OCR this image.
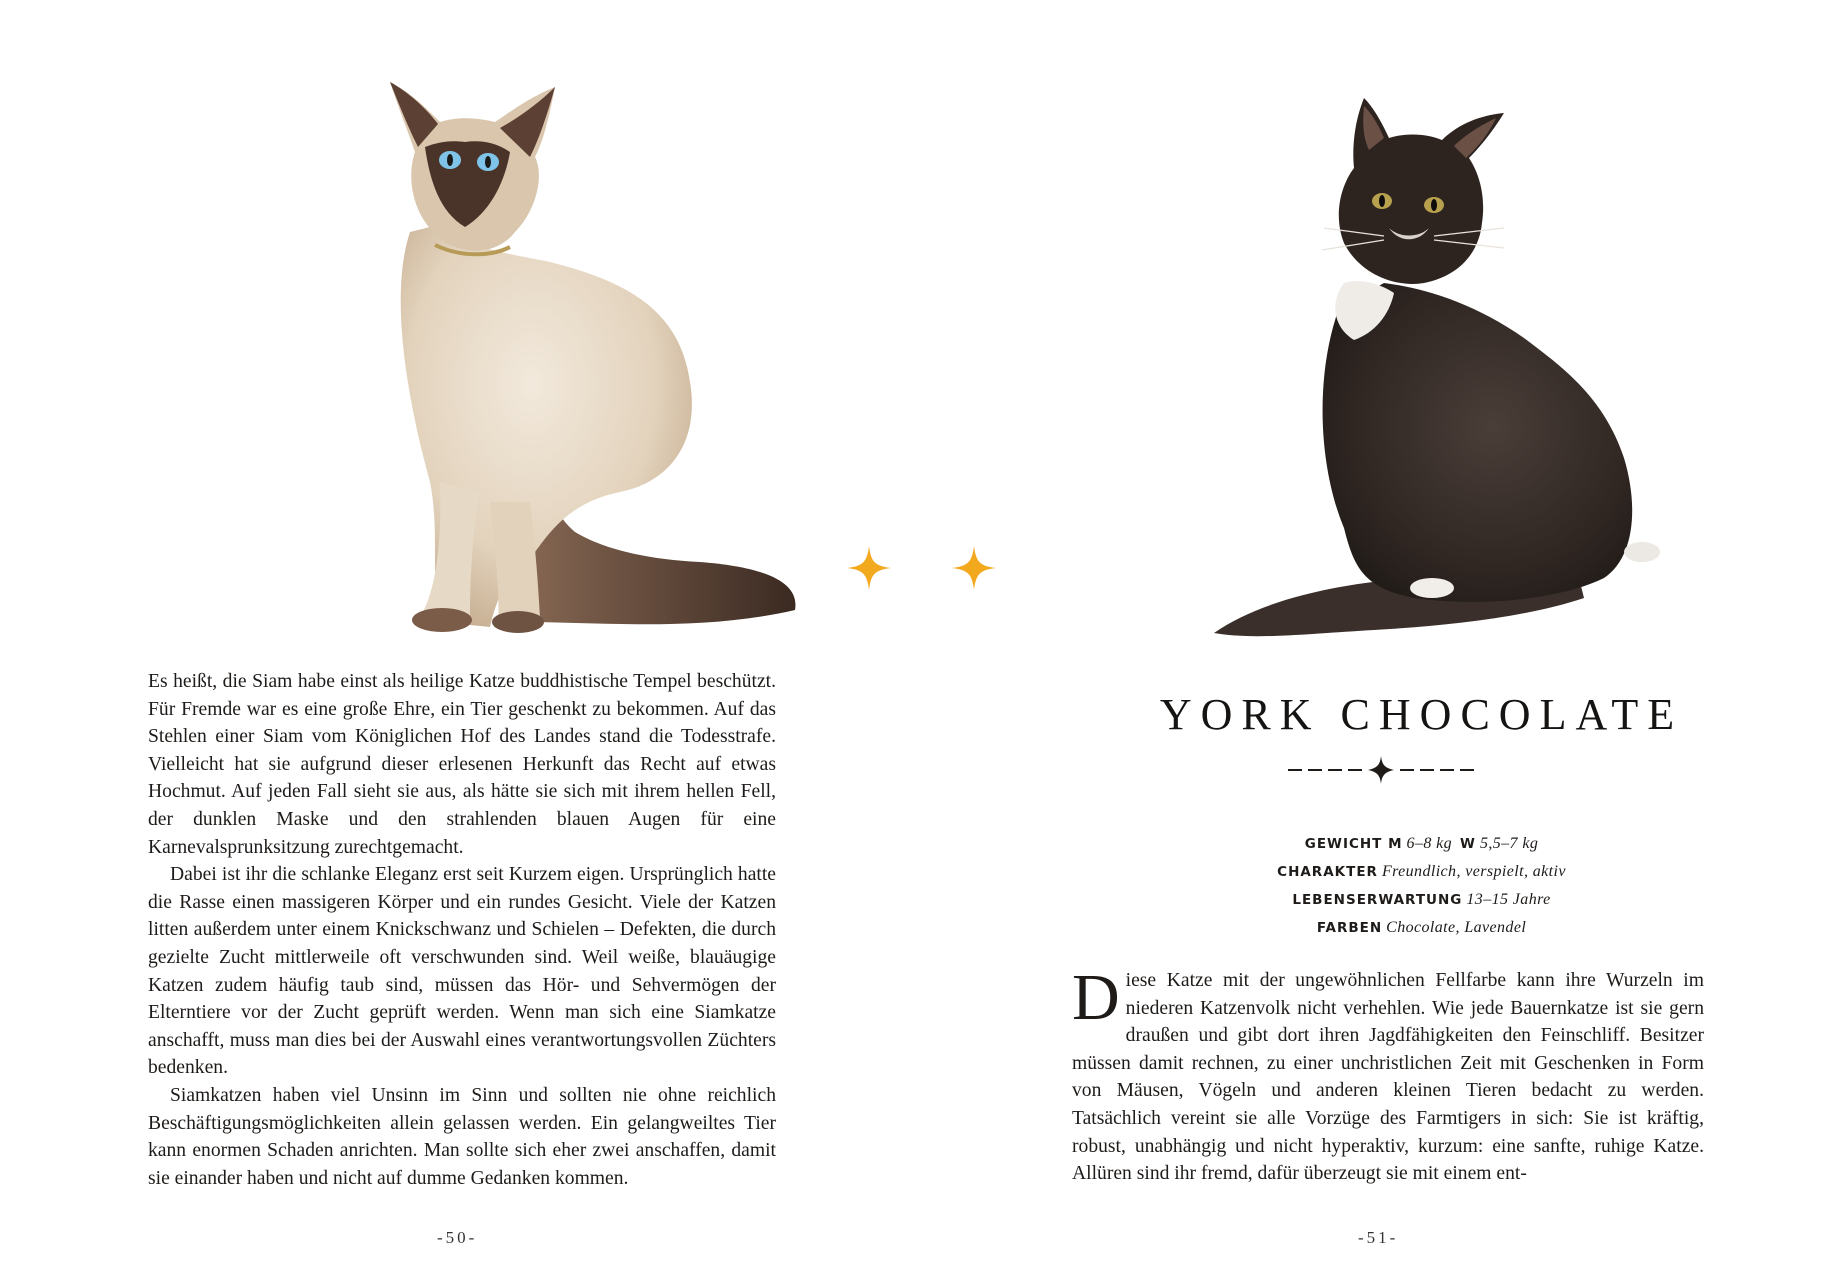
Es heißt, die Siam habe einst als heilige Katze buddhistische Tempel beschützt. Für Fremde war es eine große Ehre, ein Tier geschenkt zu bekommen. Auf das Stehlen einer Siam vom Königlichen Hof des Landes stand die Todesstrafe. Vielleicht hat sie aufgrund dieser erlesenen Herkunft das Recht auf etwas Hochmut. Auf jeden Fall sieht sie aus, als hätte sie sich mit ihrem hellen Fell, der dunklen Maske und den strahlenden blauen Augen für eine Karnevalsprunksitzung zurechtgemacht.

Dabei ist ihr die schlanke Eleganz erst seit Kurzem eigen. Ursprünglich hatte die Rasse einen massigeren Körper und ein rundes Gesicht. Viele der Katzen litten außerdem unter einem Knickschwanz und Schielen – Defekten, die durch gezielte Zucht mittlerweile oft verschwunden sind. Weil weiße, blauäugige Katzen zudem häufig taub sind, müssen das Hör- und Sehvermögen der Elterntiere vor der Zucht geprüft werden. Wenn man sich eine Siamkatze anschafft, muss man dies bei der Auswahl eines verantwortungsvollen Züchters bedenken.

Siamkatzen haben viel Unsinn im Sinn und sollten nie ohne reichlich Beschäftigungsmöglichkeiten allein gelassen werden. Ein gelangweiltes Tier kann enormen Schaden anrichten. Man sollte sich eher zwei anschaffen, damit sie einander haben und nicht auf dumme Gedanken kommen.

-50-
YORK CHOCOLATE
GEWICHT M 6–8 kg W 5,5–7 kg
CHARAKTER Freundlich, verspielt, aktiv
LEBENSERWARTUNG 13–15 Jahre
FARBEN Chocolate, Lavendel

Diese Katze mit der ungewöhnlichen Fellfarbe kann ihre Wurzeln im niederen Katzenvolk nicht verhehlen. Wie jede Bauernkatze ist sie gern draußen und gibt dort ihren Jagdfähigkeiten den Feinschliff. Besitzer müssen damit rechnen, zu einer unchristlichen Zeit mit Geschenken in Form von Mäusen, Vögeln und anderen kleinen Tieren bedacht zu werden. Tatsächlich vereint sie alle Vorzüge des Farmtigers in sich: Sie ist kräftig, robust, unabhängig und nicht hyperaktiv, kurzum: eine sanfte, ruhige Katze. Allüren sind ihr fremd, dafür überzeugt sie mit einem ent-

-51-
